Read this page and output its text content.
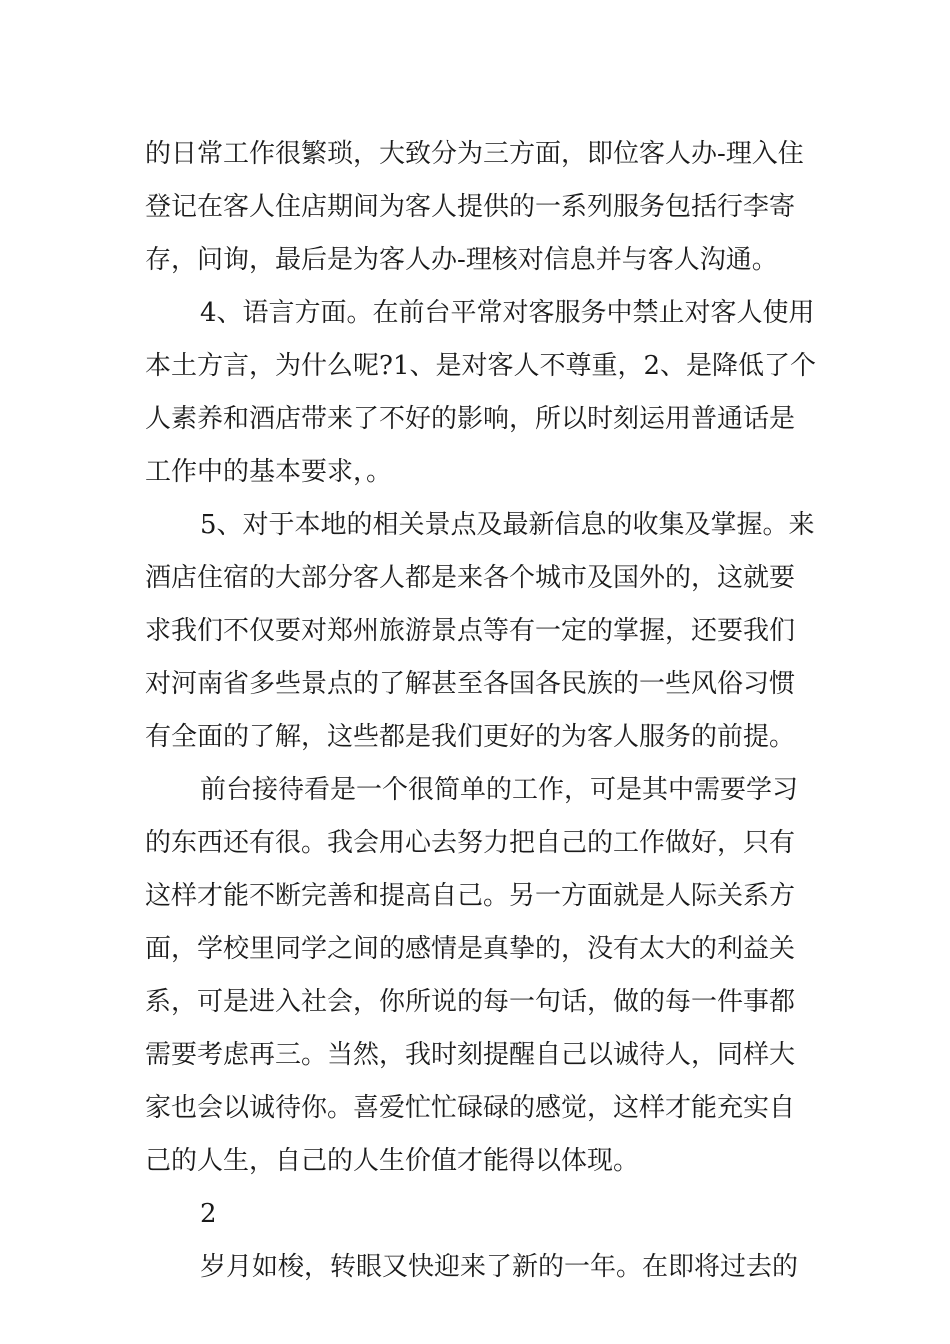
的日常工作很繁琐，大致分为三方面，即位客人办-理入住
登记在客人住店期间为客人提供的一系列服务包括行李寄
存，问询，最后是为客人办-理核对信息并与客人沟通。
4、语言方面。在前台平常对客服务中禁止对客人使用
本土方言，为什么呢?1、是对客人不尊重，2、是降低了个
人素养和酒店带来了不好的影响，所以时刻运用普通话是
工作中的基本要求，。
5、对于本地的相关景点及最新信息的收集及掌握。来
酒店住宿的大部分客人都是来各个城市及国外的，这就要
求我们不仅要对郑州旅游景点等有一定的掌握，还要我们
对河南省多些景点的了解甚至各国各民族的一些风俗习惯
有全面的了解，这些都是我们更好的为客人服务的前提。
前台接待看是一个很简单的工作，可是其中需要学习
的东西还有很。我会用心去努力把自己的工作做好，只有
这样才能不断完善和提高自己。另一方面就是人际关系方
面，学校里同学之间的感情是真挚的，没有太大的利益关
系，可是进入社会，你所说的每一句话，做的每一件事都
需要考虑再三。当然，我时刻提醒自己以诚待人，同样大
家也会以诚待你。喜爱忙忙碌碌的感觉，这样才能充实自
己的人生，自己的人生价值才能得以体现。
2
岁月如梭，转眼又快迎来了新的一年。在即将过去的
